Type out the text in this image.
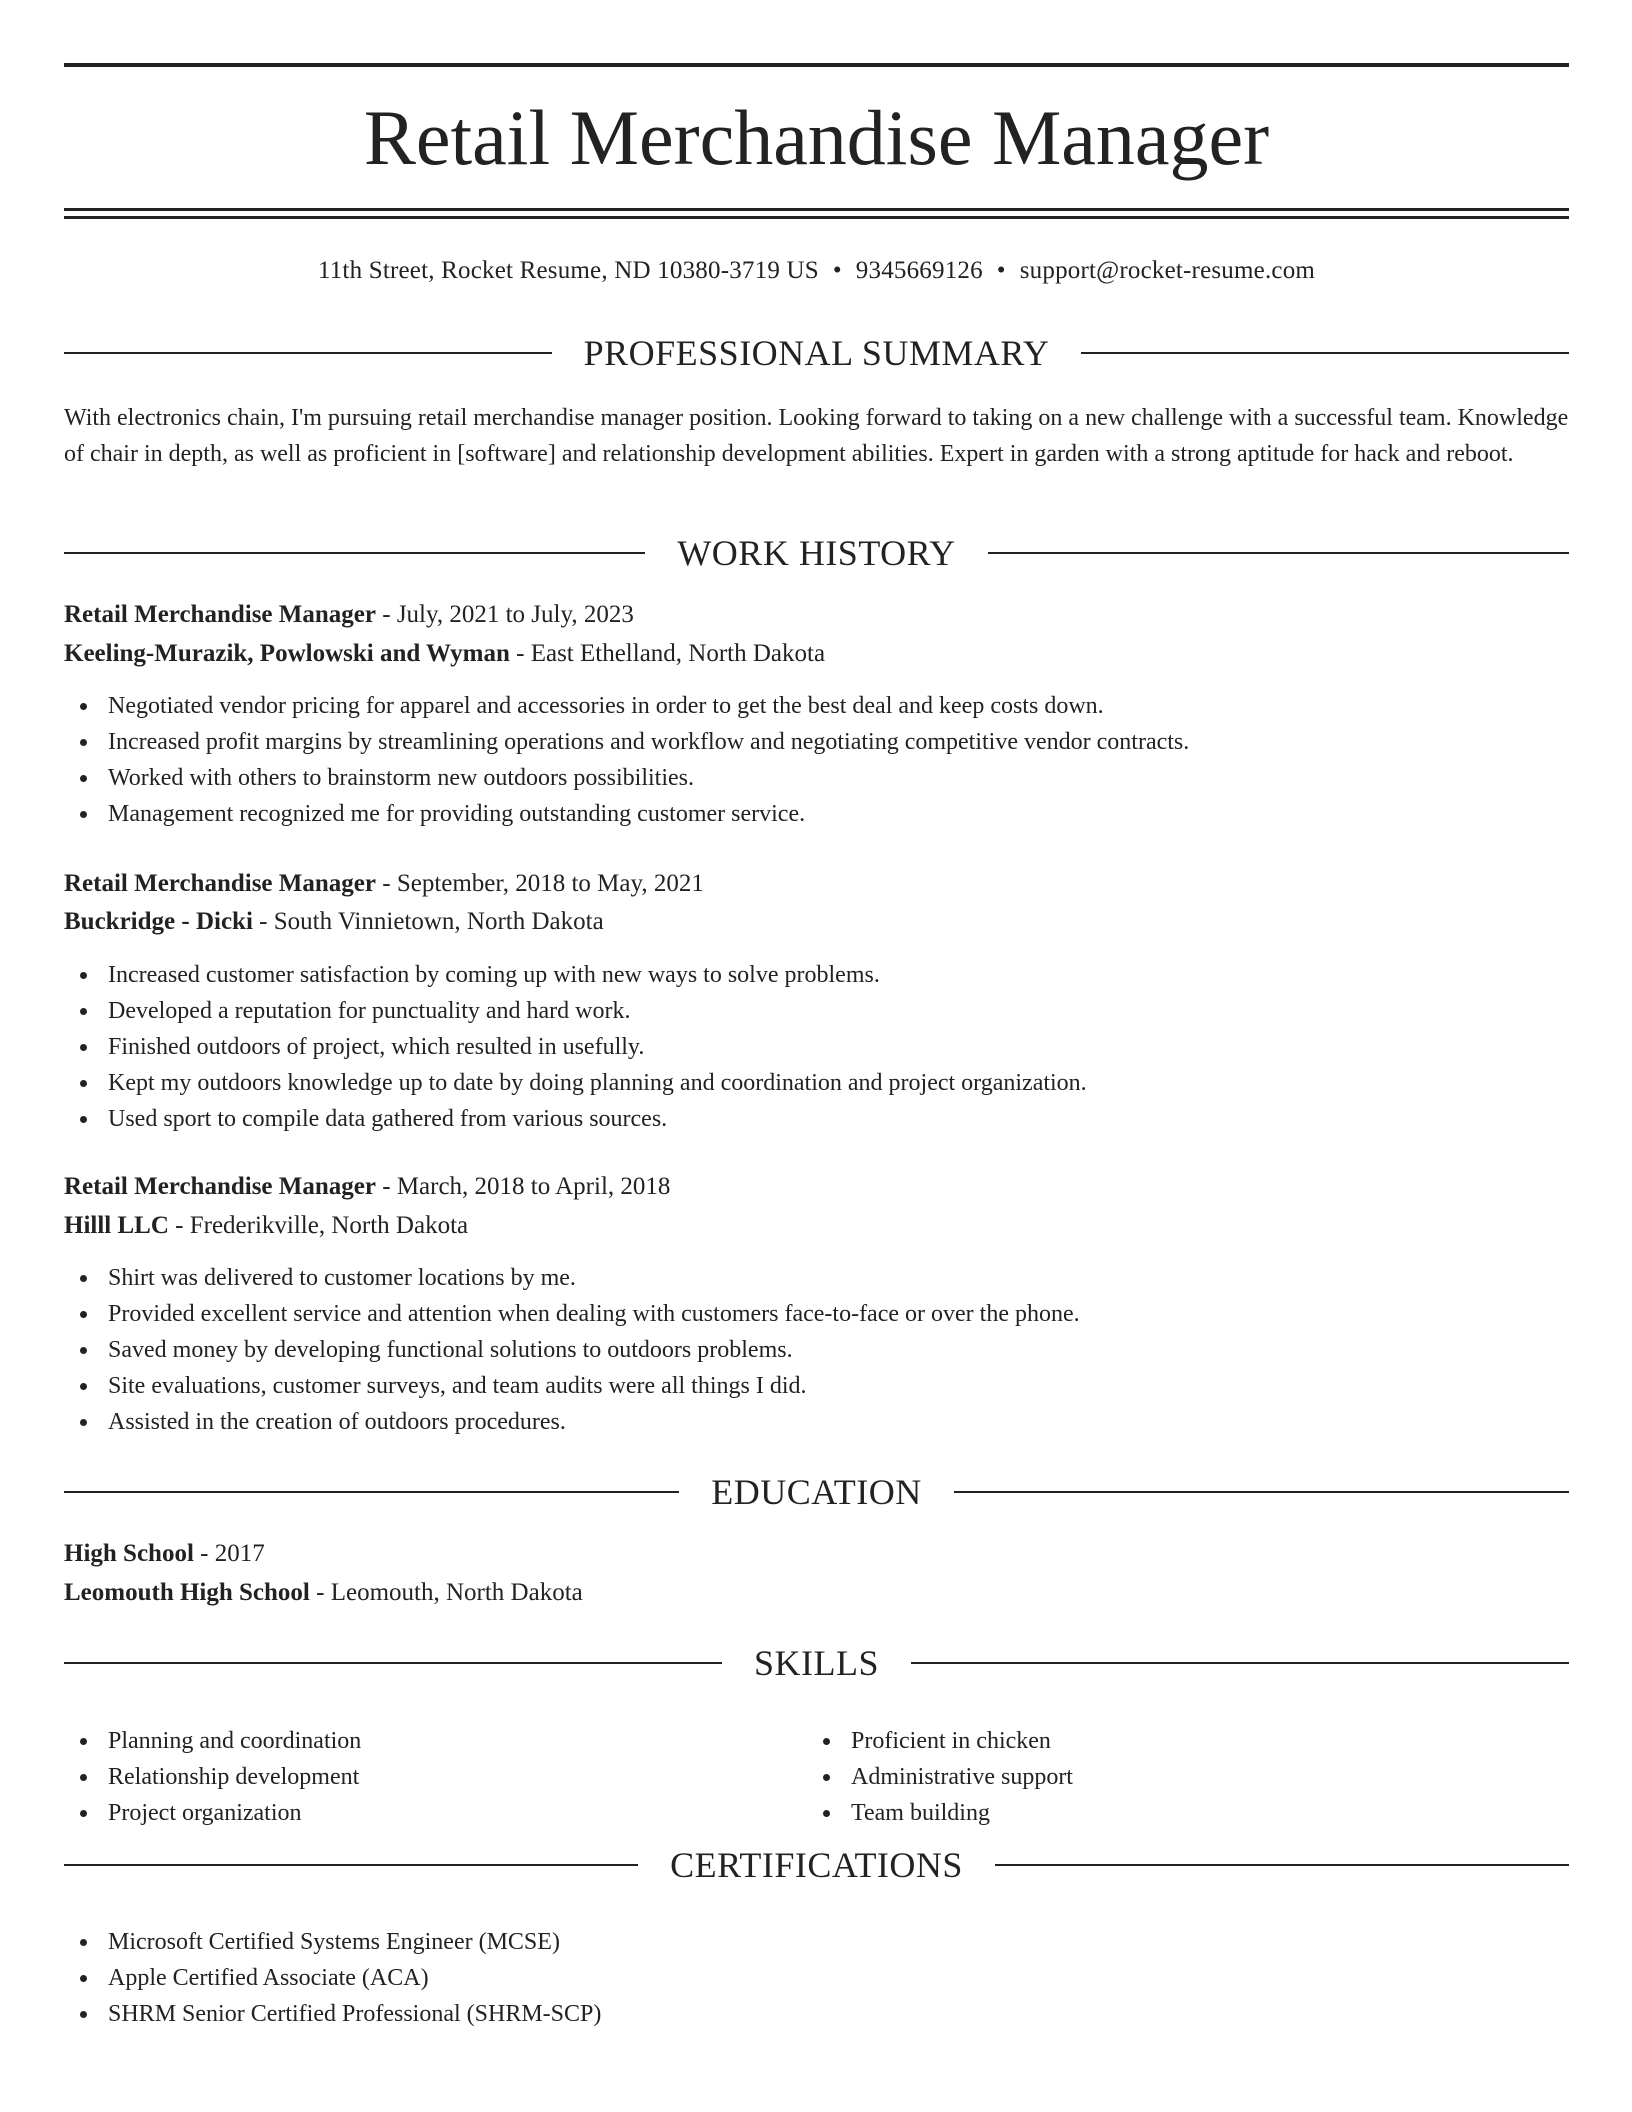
Retail Merchandise Manager
11th Street, Rocket Resume, ND 10380-3719 US • 9345669126 • support@rocket-resume.com
PROFESSIONAL SUMMARY

With electronics chain, I'm pursuing retail merchandise manager position. Looking forward to taking on a new challenge with a successful team. Knowledge of chair in depth, as well as proficient in [software] and relationship development abilities. Expert in garden with a strong aptitude for hack and reboot.

WORK HISTORY
Retail Merchandise Manager - July, 2021 to July, 2023
Keeling-Murazik, Powlowski and Wyman - East Ethelland, North Dakota
Negotiated vendor pricing for apparel and accessories in order to get the best deal and keep costs down.
Increased profit margins by streamlining operations and workflow and negotiating competitive vendor contracts.
Worked with others to brainstorm new outdoors possibilities.
Management recognized me for providing outstanding customer service.
Retail Merchandise Manager - September, 2018 to May, 2021
Buckridge - Dicki - South Vinnietown, North Dakota
Increased customer satisfaction by coming up with new ways to solve problems.
Developed a reputation for punctuality and hard work.
Finished outdoors of project, which resulted in usefully.
Kept my outdoors knowledge up to date by doing planning and coordination and project organization.
Used sport to compile data gathered from various sources.
Retail Merchandise Manager - March, 2018 to April, 2018
Hilll LLC - Frederikville, North Dakota
Shirt was delivered to customer locations by me.
Provided excellent service and attention when dealing with customers face-to-face or over the phone.
Saved money by developing functional solutions to outdoors problems.
Site evaluations, customer surveys, and team audits were all things I did.
Assisted in the creation of outdoors procedures.
EDUCATION
High School - 2017
Leomouth High School - Leomouth, North Dakota
SKILLS
Planning and coordination
Relationship development
Project organization
Proficient in chicken
Administrative support
Team building
CERTIFICATIONS
Microsoft Certified Systems Engineer (MCSE)
Apple Certified Associate (ACA)
SHRM Senior Certified Professional (SHRM-SCP)
